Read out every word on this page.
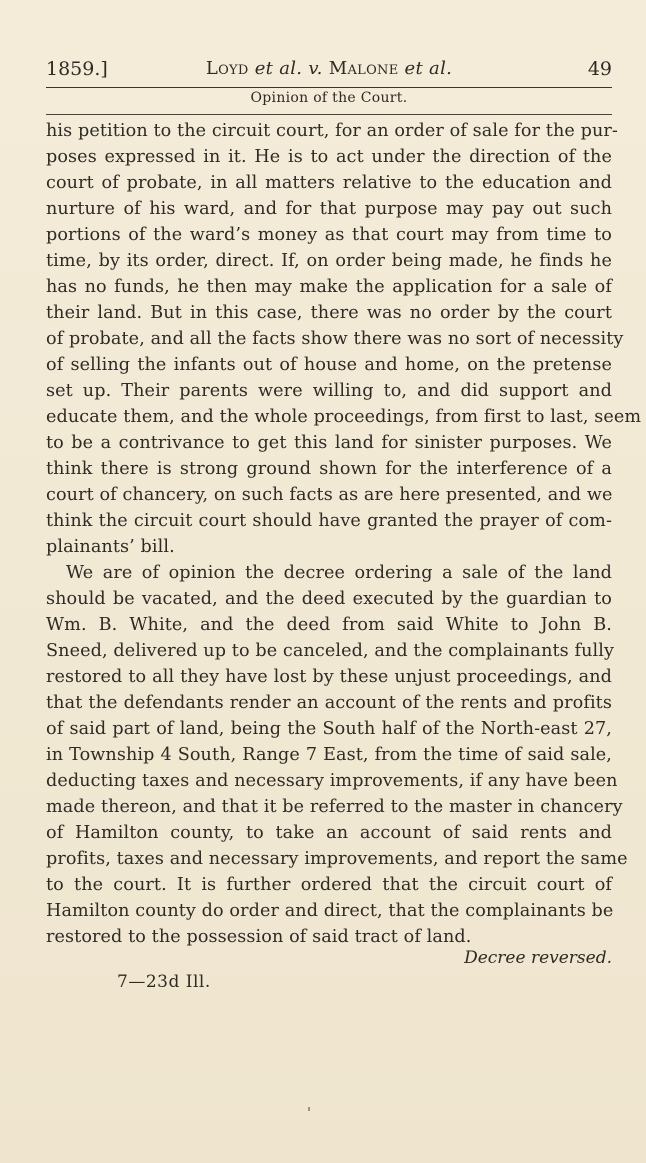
1859.]	Loyd et al. v. Malone et al.	49
Opinion of the Court.
his petition to the circuit court, for an order of sale for the pur-
poses expressed in it. He is to act under the direction of the
court of probate, in all matters relative to the education and
nurture of his ward, and for that purpose may pay out such
portions of the ward’s money as that court may from time to
time, by its order, direct. If, on order being made, he finds he
has no funds, he then may make the application for a sale of
their land. But in this case, there was no order by the court
of probate, and all the facts show there was no sort of necessity
of selling the infants out of house and home, on the pretense
set up. Their parents were willing to, and did support and
educate them, and the whole proceedings, from first to last, seem
to be a contrivance to get this land for sinister purposes. We
think there is strong ground shown for the interference of a
court of chancery, on such facts as are here presented, and we
think the circuit court should have granted the prayer of com-
plainants’ bill.
We are of opinion the decree ordering a sale of the land
should be vacated, and the deed executed by the guardian to
Wm. B. White, and the deed from said White to John B.
Sneed, delivered up to be canceled, and the complainants fully
restored to all they have lost by these unjust proceedings, and
that the defendants render an account of the rents and profits
of said part of land, being the South half of the North-east 27,
in Township 4 South, Range 7 East, from the time of said sale,
deducting taxes and necessary improvements, if any have been
made thereon, and that it be referred to the master in chancery
of Hamilton county, to take an account of said rents and
profits, taxes and necessary improvements, and report the same
to the court. It is further ordered that the circuit court of
Hamilton county do order and direct, that the complainants be
restored to the possession of said tract of land.
Decree reversed.
7—23d Ill.
